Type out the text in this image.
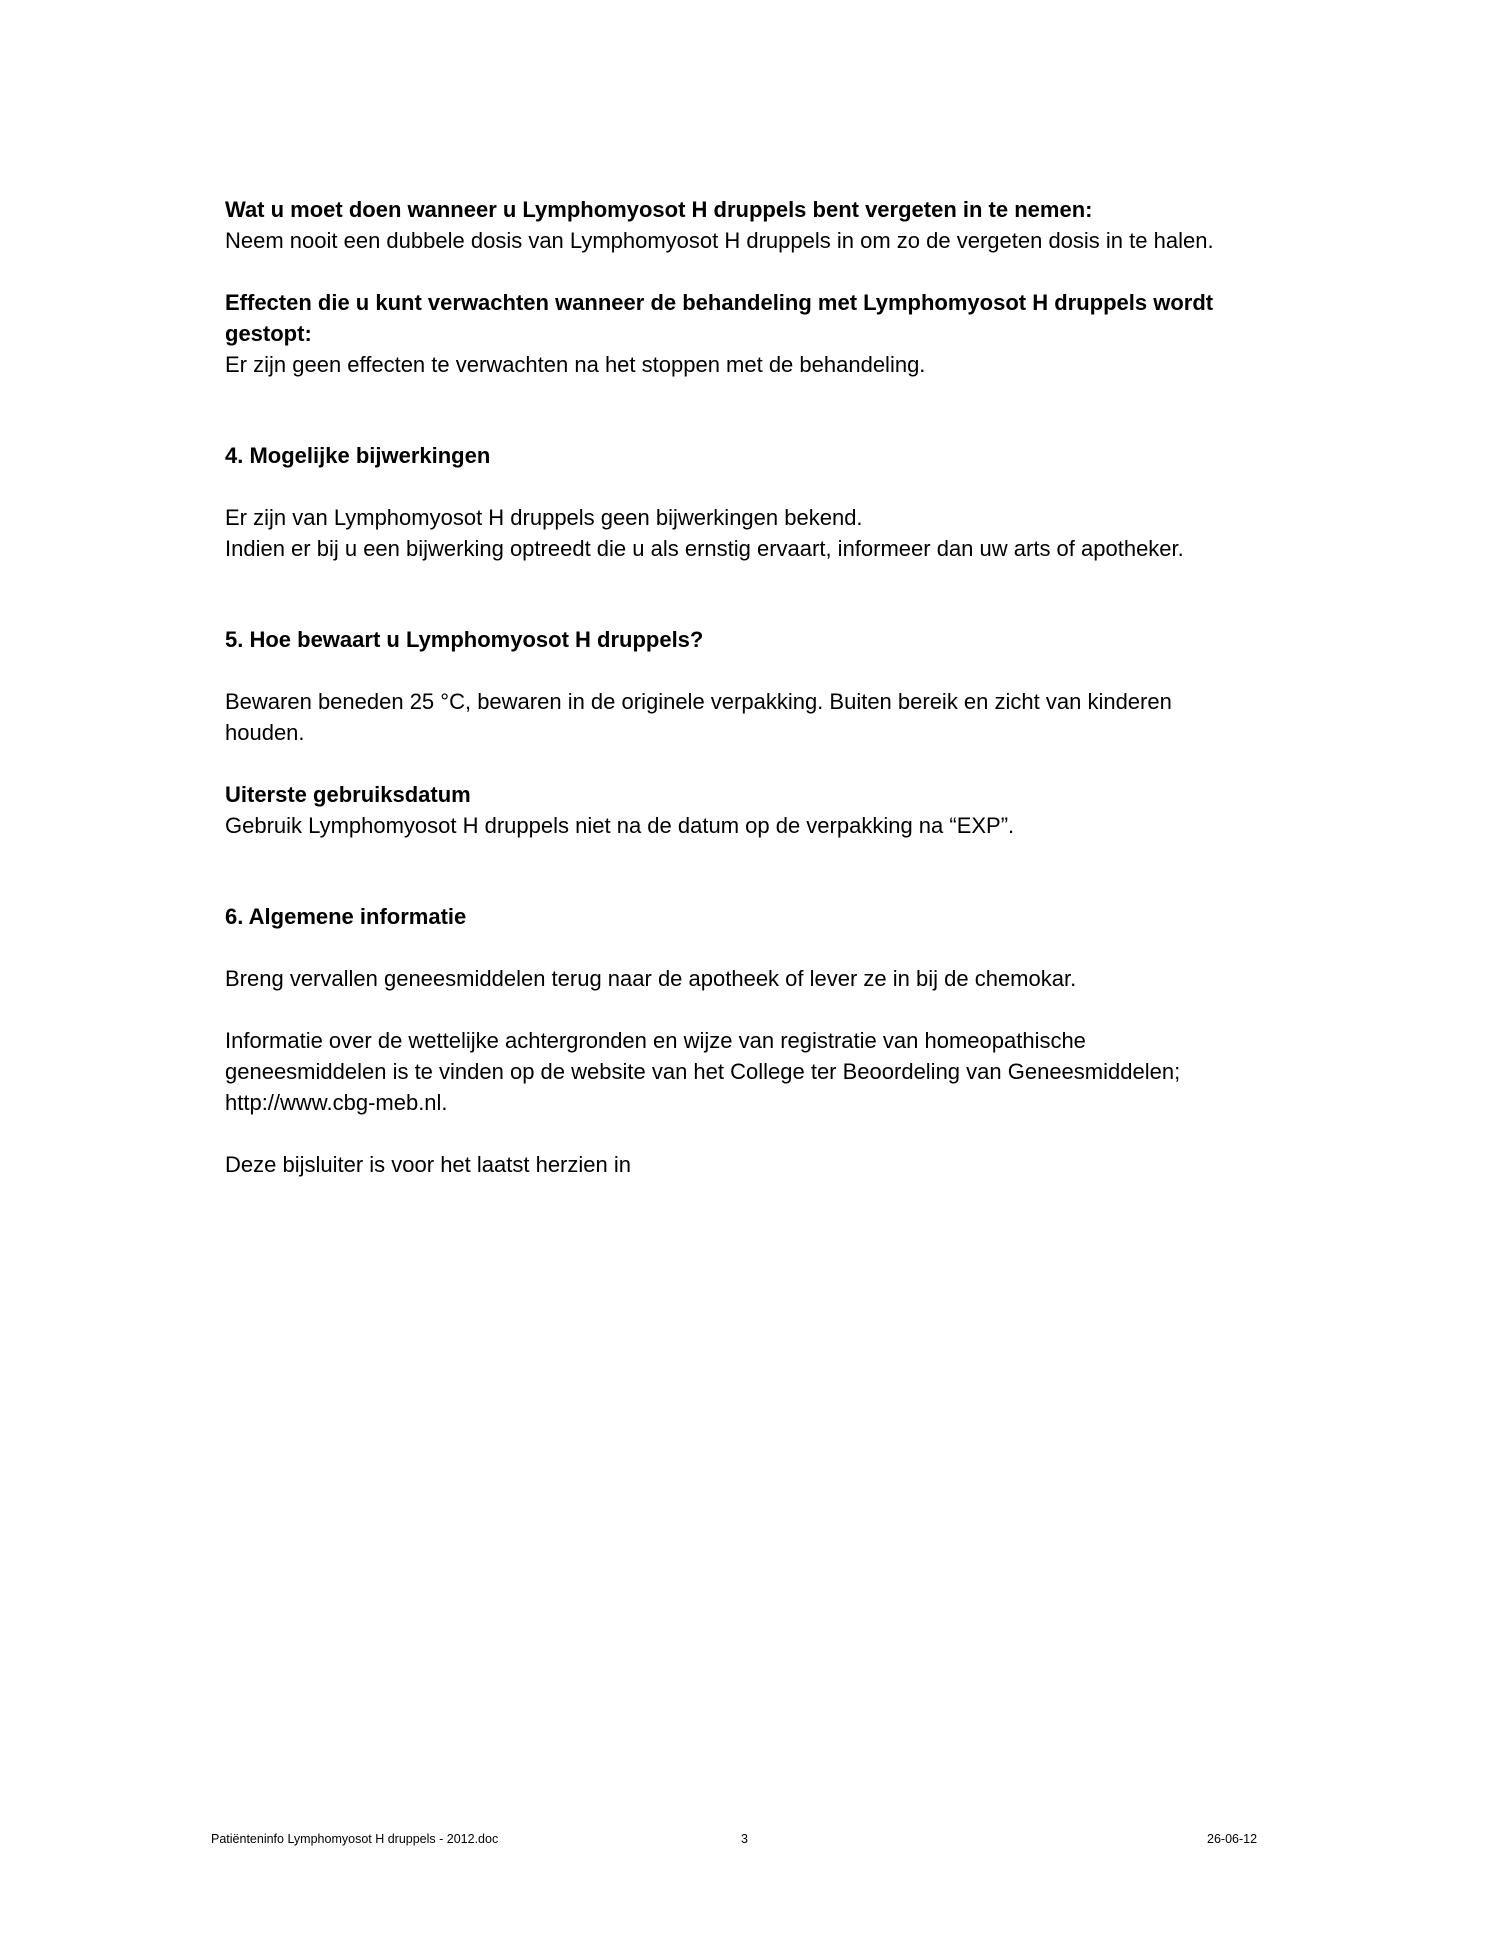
Wat u moet doen wanneer u Lymphomyosot H druppels bent vergeten in te nemen:
Neem nooit een dubbele dosis van Lymphomyosot H druppels in om zo de vergeten dosis in te halen.
Effecten die u kunt verwachten wanneer de behandeling met Lymphomyosot H druppels wordt
gestopt:
Er zijn geen effecten te verwachten na het stoppen met de behandeling.
4. Mogelijke bijwerkingen
Er zijn van Lymphomyosot H druppels geen bijwerkingen bekend.
Indien er bij u een bijwerking optreedt die u als ernstig ervaart, informeer dan uw arts of apotheker.
5. Hoe bewaart u Lymphomyosot H druppels?
Bewaren beneden 25 °C, bewaren in de originele verpakking. Buiten bereik en zicht van kinderen
houden.
Uiterste gebruiksdatum
Gebruik Lymphomyosot H druppels niet na de datum op de verpakking na “EXP”.
6. Algemene informatie
Breng vervallen geneesmiddelen terug naar de apotheek of lever ze in bij de chemokar.
Informatie over de wettelijke achtergronden en wijze van registratie van homeopathische
geneesmiddelen is te vinden op de website van het College ter Beoordeling van Geneesmiddelen;
http://www.cbg-meb.nl.
Deze bijsluiter is voor het laatst herzien in
Patiënteninfo Lymphomyosot H druppels - 2012.doc	3	26-06-12
